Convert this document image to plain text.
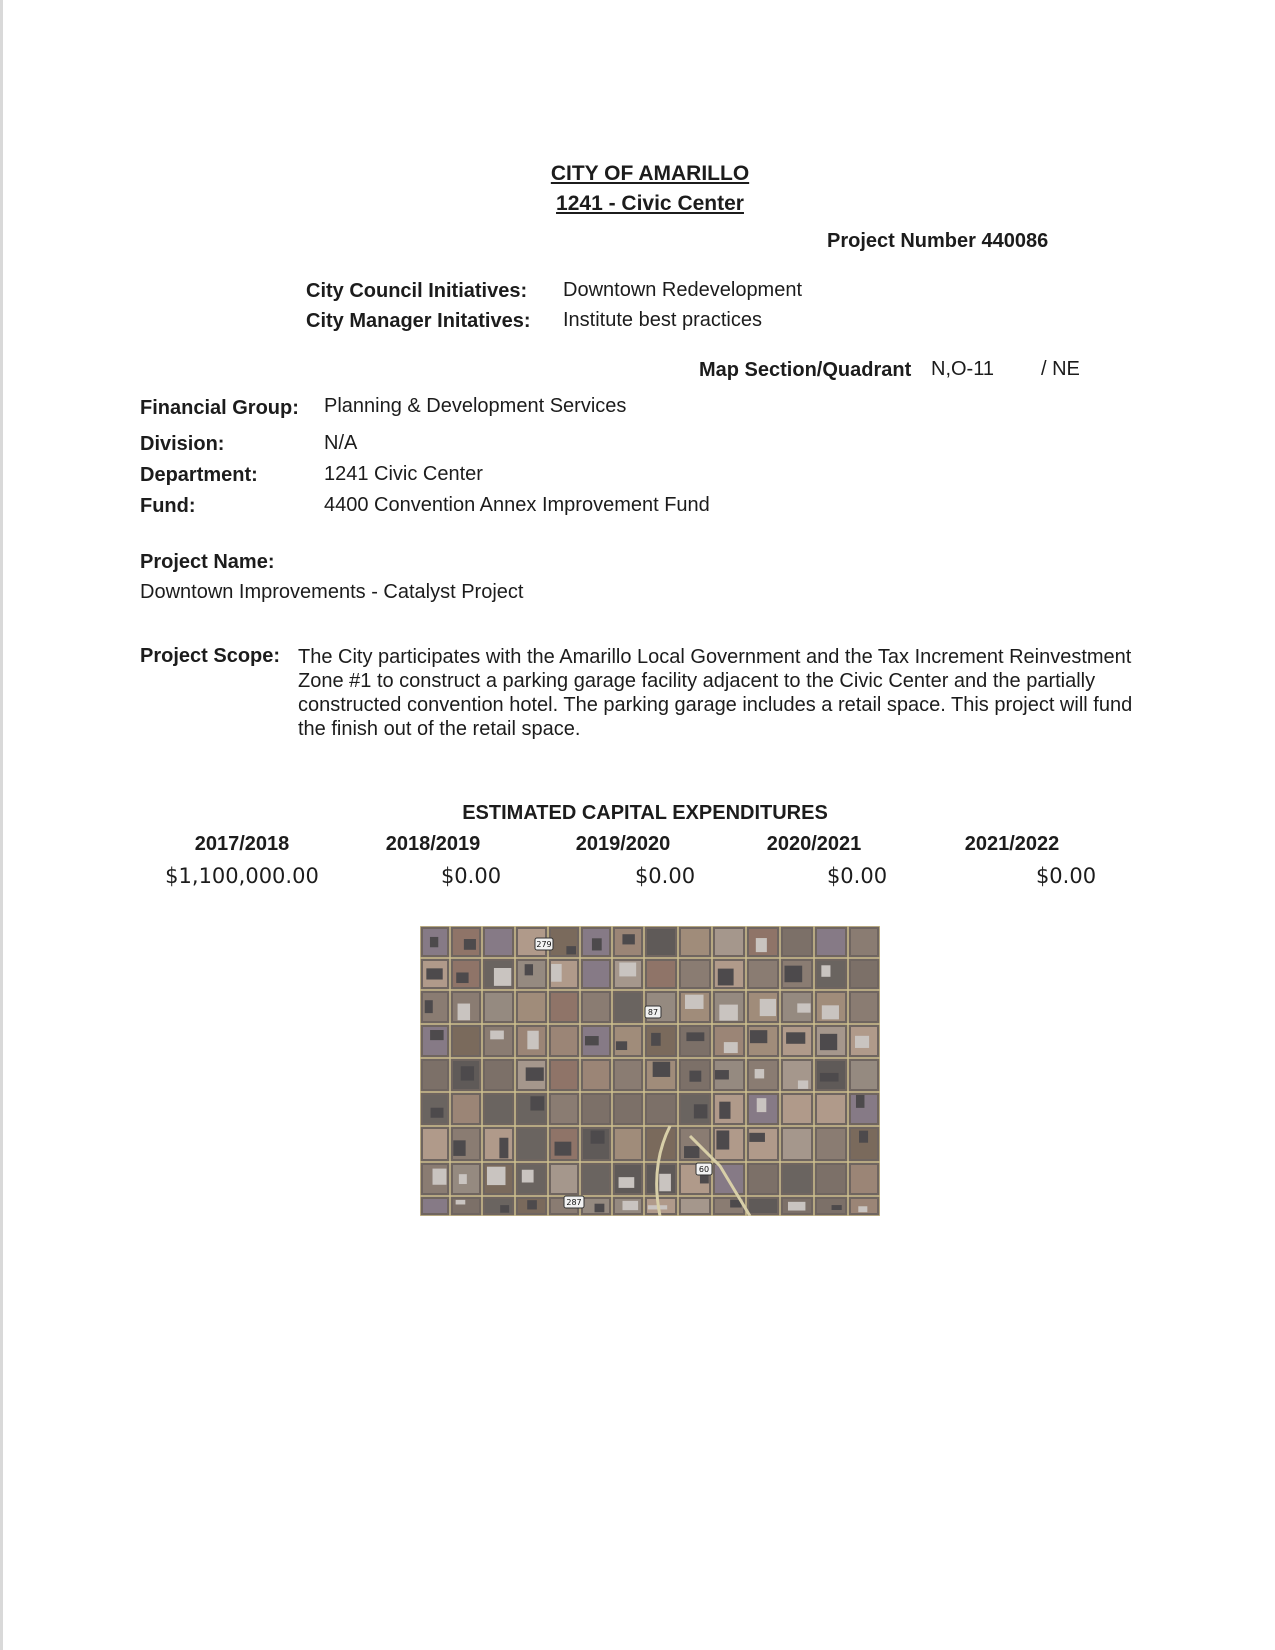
CITY OF AMARILLO
1241 - Civic Center
Project Number 440086
City Council Initiatives: Downtown Redevelopment
City Manager Initatives: Institute best practices
Map Section/Quadrant N,O-11 / NE
Financial Group: Planning & Development Services
Division:	N/A
Department:	1241 Civic Center
Fund:	4400 Convention Annex Improvement Fund
Project Name:
Downtown Improvements - Catalyst Project
Project Scope: The City participates with the Amarillo Local Government and the Tax Increment Reinvestment Zone #1 to construct a parking garage facility adjacent to the Civic Center and the partially constructed convention hotel. The parking garage includes a retail space. This project will fund the finish out of the retail space.
ESTIMATED CAPITAL EXPENDITURES
2017/2018	2018/2019	2019/2020	2020/2021	2021/2022
$1,100,000.00	$0.00	$0.00	$0.00	$0.00
279
87
60
287
